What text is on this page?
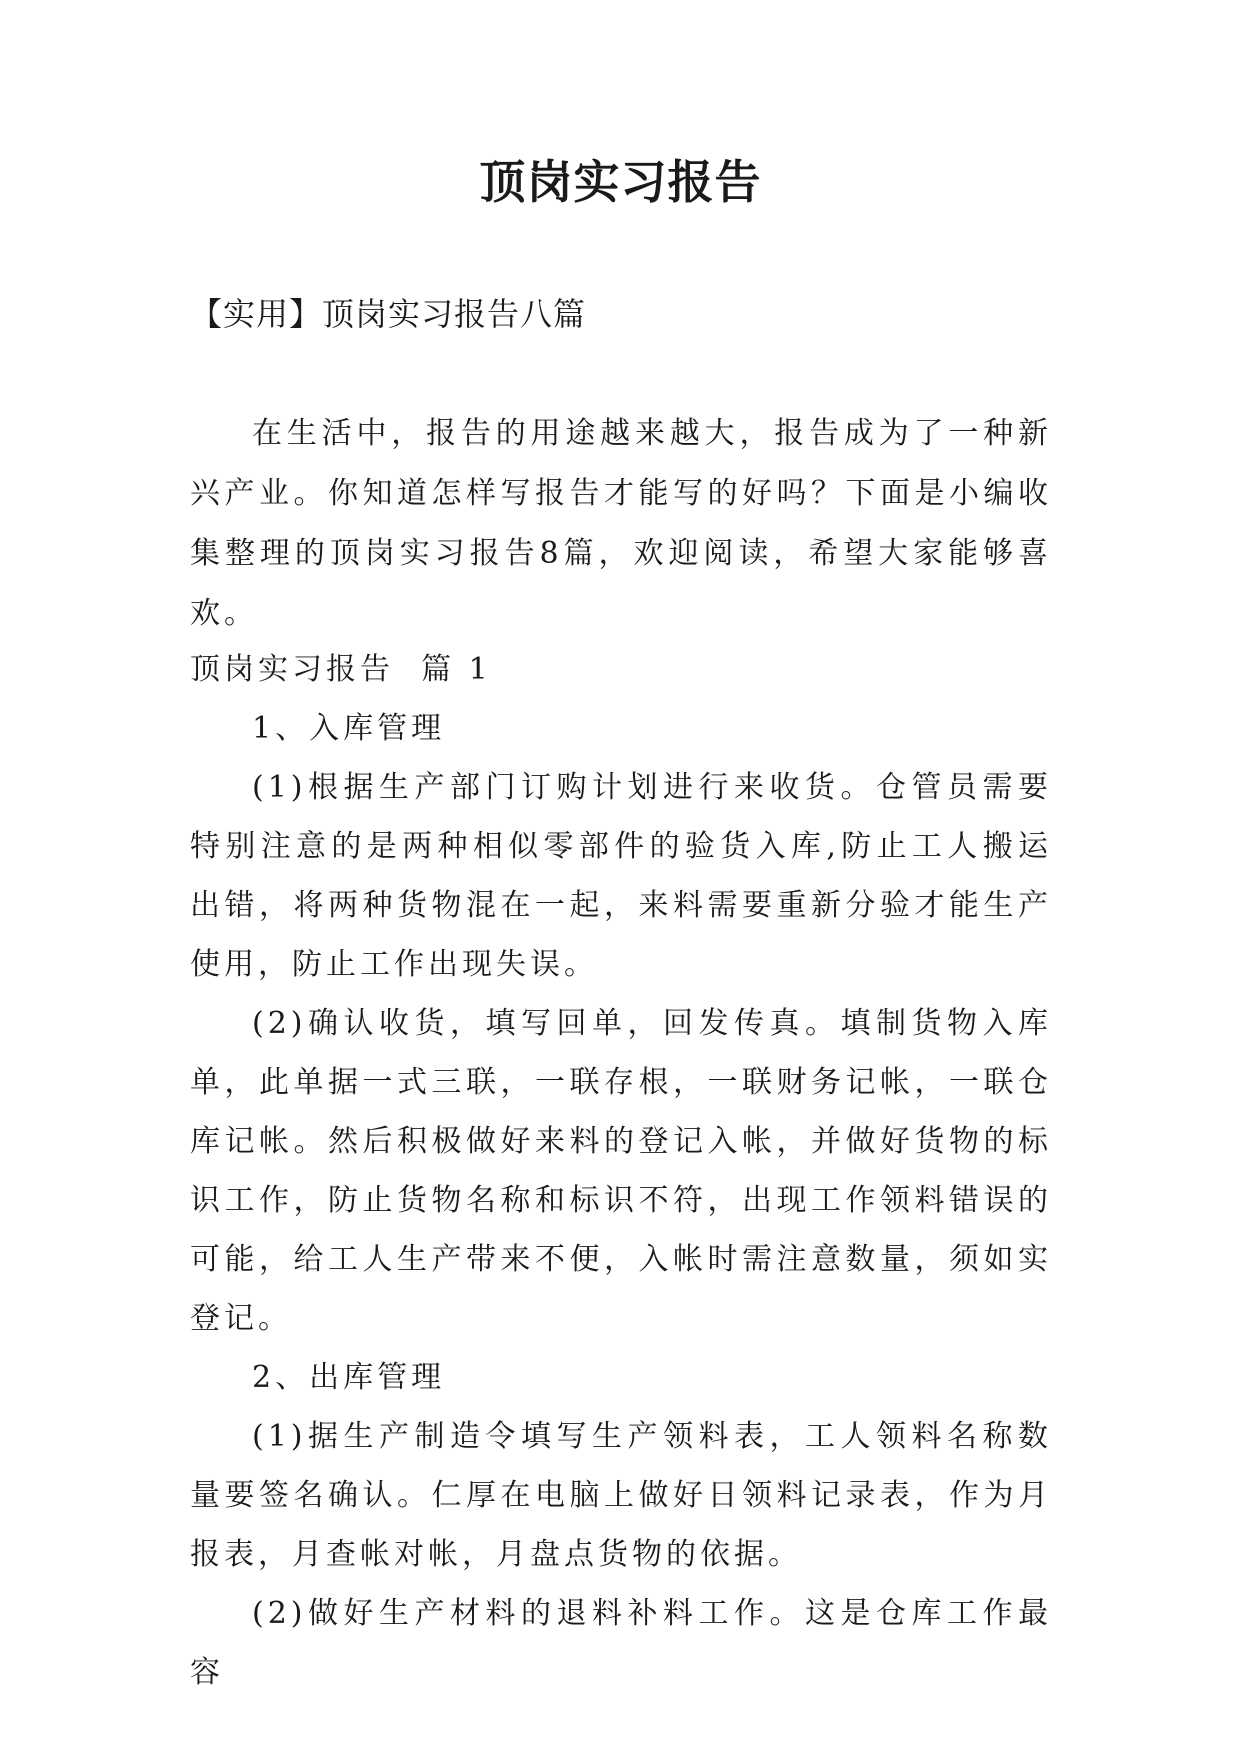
顶岗实习报告

【实用】顶岗实习报告八篇

在生活中，报告的用途越来越大，报告成为了一种新兴产业。你知道怎样写报告才能写的好吗？下面是小编收集整理的顶岗实习报告8篇，欢迎阅读，希望大家能够喜欢。

顶岗实习报告  篇 1

1、入库管理

(1)根据生产部门订购计划进行来收货。仓管员需要特别注意的是两种相似零部件的验货入库,防止工人搬运出错，将两种货物混在一起，来料需要重新分验才能生产使用，防止工作出现失误。

(2)确认收货，填写回单，回发传真。填制货物入库单，此单据一式三联，一联存根，一联财务记帐，一联仓库记帐。然后积极做好来料的登记入帐，并做好货物的标识工作，防止货物名称和标识不符，出现工作领料错误的可能，给工人生产带来不便，入帐时需注意数量，须如实登记。

2、出库管理

(1)据生产制造令填写生产领料表，工人领料名称数量要签名确认。仁厚在电脑上做好日领料记录表，作为月报表，月查帐对帐，月盘点货物的依据。

(2)做好生产材料的退料补料工作。这是仓库工作最容
